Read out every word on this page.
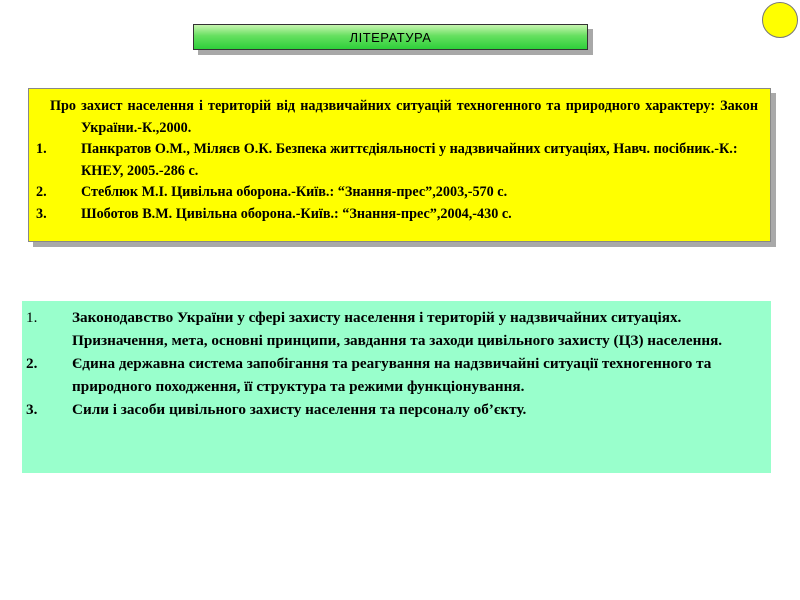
ЛІТЕРАТУРА
Про захист населення і територій від надзвичайних ситуацій техногенного та природного характеру: Закон України.-К.,2000.
1.	Панкратов О.М., Міляєв О.К. Безпека життєдіяльності у надзвичайних ситуаціях, Навч. посібник.-К.: КНЕУ, 2005.-286 с.
2.	Стеблюк М.І. Цивільна оборона.-Київ.: “Знання-прес”,2003,-570 с.
3.	Шоботов В.М. Цивільна оборона.-Київ.: “Знання-прес”,2004,-430 с.
1.	Законодавство України у сфері захисту населення і територій у надзвичайних ситуаціях. Призначення, мета, основні принципи, завдання та заходи цивільного захисту (ЦЗ) населення.
2.	Єдина державна система запобігання та реагування на надзвичайні ситуації техногенного та природного походження, її структура та режими функціонування.
3.	Сили і засоби цивільного захисту населення та персоналу об’єкту.
